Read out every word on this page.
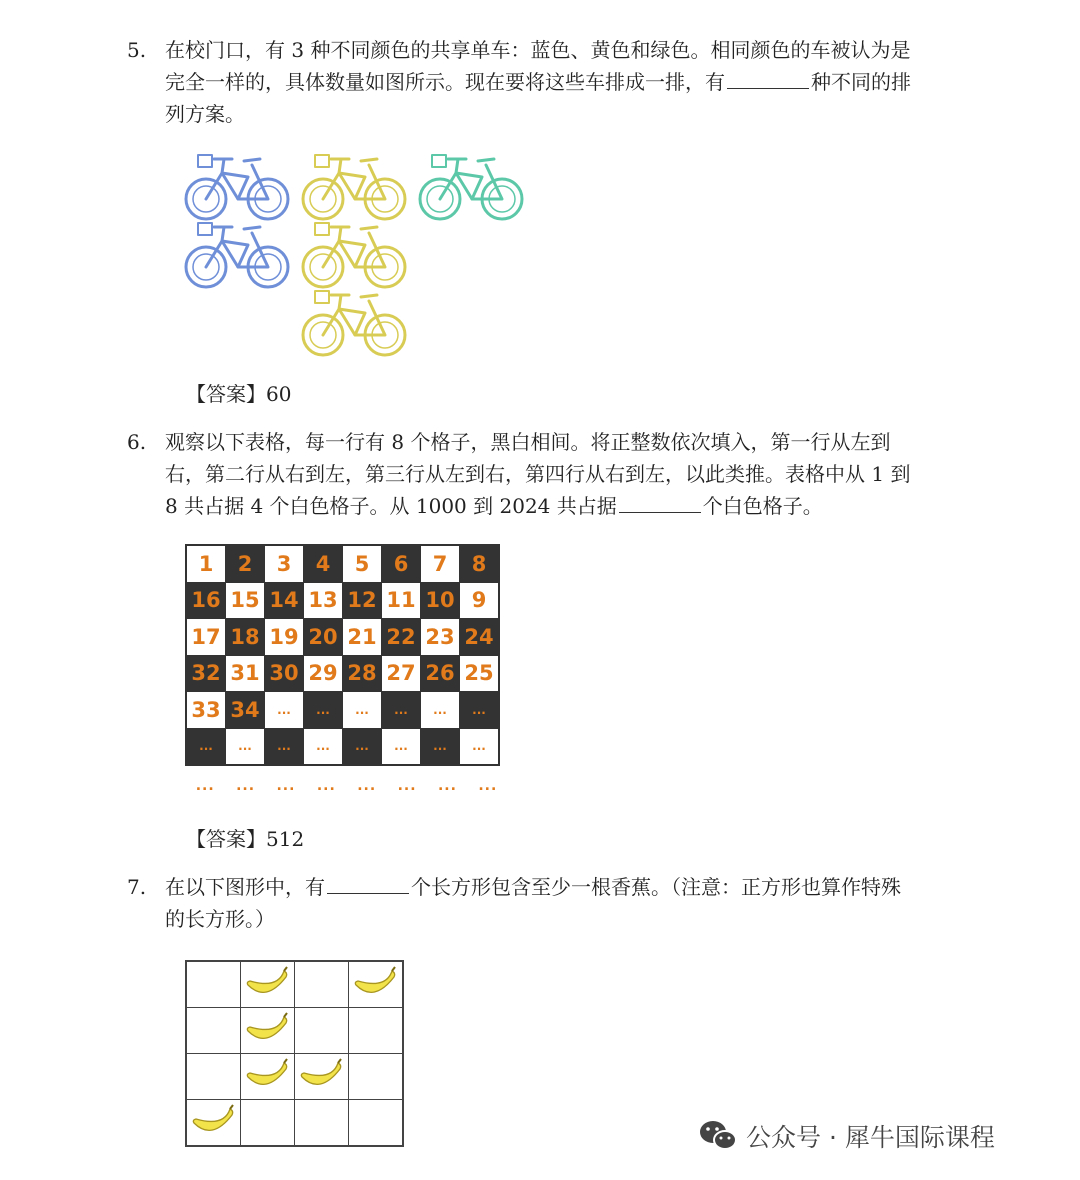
5. 在校门口，有 3 种不同颜色的共享单车：蓝色、黄色和绿色。相同颜色的车被认为是
完全一样的，具体数量如图所示。现在要将这些车排成一排，有	种不同的排
列方案。
【答案】60
6. 观察以下表格，每一行有 8 个格子，黑白相间。将正整数依次填入，第一行从左到
右，第二行从右到左，第三行从左到右，第四行从右到左，以此类推。表格中从 1 到
8 共占据 4 个白色格子。从 1000 到 2024 共占据	个白色格子。
1	2	3	4	5	6	7	8
16	15	14	13	12	11	10	9
17	18	19	20	21	22	23	24
32	31	30	29	28	27	26	25
33	34	...	...	...	...	...	...
...	...	...	...	...	...	...	...
...	...	...	...	...	...	...	...
【答案】512
7. 在以下图形中，有	个长方形包含至少一根香蕉。（注意：正方形也算作特殊
的长方形。）

公众号 · 犀牛国际课程
